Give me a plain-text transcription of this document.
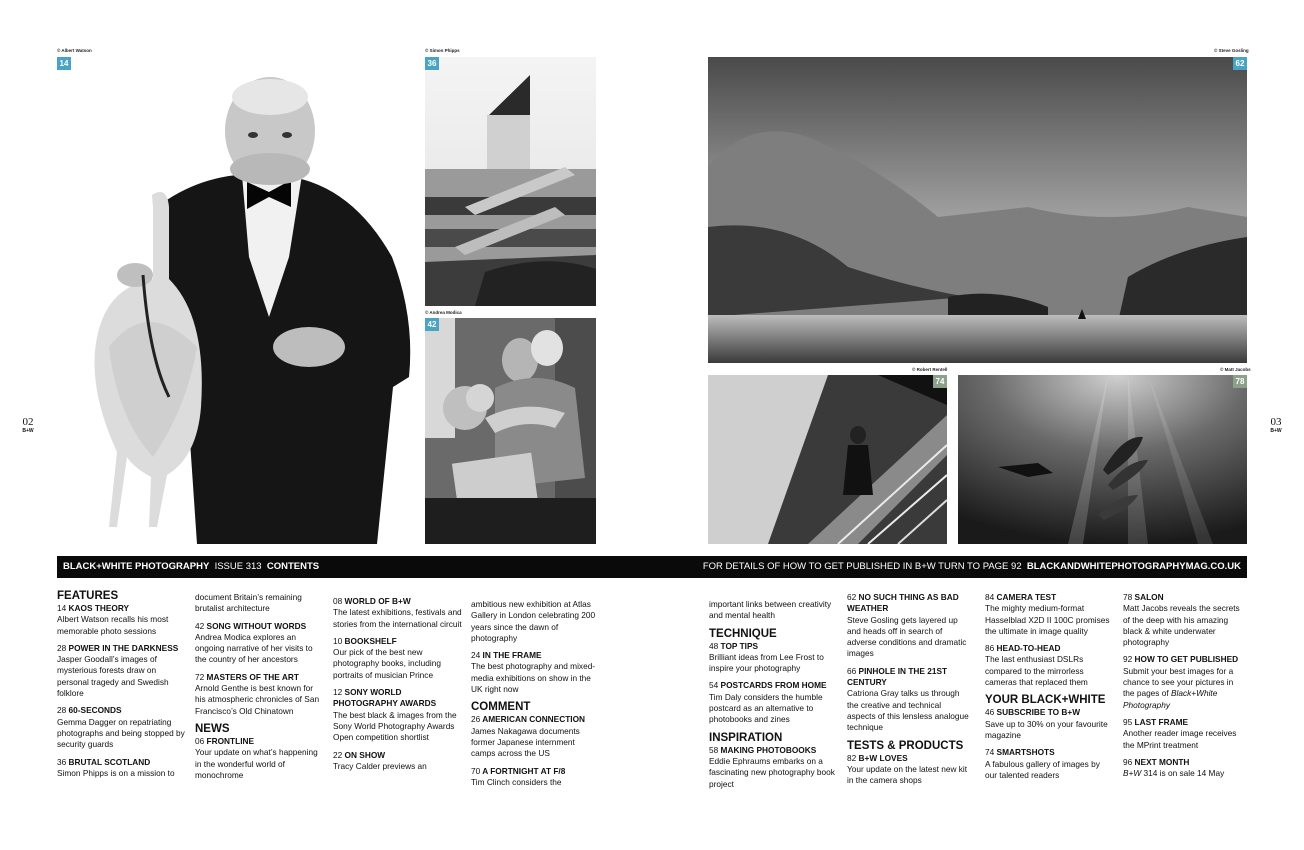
02
B+W
03
B+W
© Albert Watson
14
© Simon Phipps
36
© Andrea Modica
42
© Steve Gosling
62
© Robert Rentell
74
© Matt Jacobs
78
BLACK+WHITE PHOTOGRAPHY ISSUE 313 CONTENTS	FOR DETAILS OF HOW TO GET PUBLISHED IN B+W TURN TO PAGE 92 BLACKANDWHITEPHOTOGRAPHYMAG.CO.UK
FEATURES
14 KAOS THEORY
Albert Watson recalls his most memorable photo sessions
28 POWER IN THE DARKNESS
Jasper Goodall’s images of mysterious forests draw on personal tragedy and Swedish folklore
28 60-SECONDS
Gemma Dagger on repatriating photographs and being stopped by security guards
36 BRUTAL SCOTLAND
Simon Phipps is on a mission to
document Britain’s remaining brutalist architecture
42 SONG WITHOUT WORDS
Andrea Modica explores an ongoing narrative of her visits to the country of her ancestors
72 MASTERS OF THE ART
Arnold Genthe is best known for his atmospheric chronicles of San Francisco’s Old Chinatown
NEWS
06 FRONTLINE
Your update on what’s happening in the wonderful world of monochrome
08 WORLD OF B+W
The latest exhibitions, festivals and stories from the international circuit
10 BOOKSHELF
Our pick of the best new photography books, including portraits of musician Prince
12 SONY WORLD PHOTOGRAPHY AWARDS
The best black & images from the Sony World Photography Awards Open competition shortlist
22 ON SHOW
Tracy Calder previews an
ambitious new exhibition at Atlas Gallery in London celebrating 200 years since the dawn of photography
24 IN THE FRAME
The best photography and mixed-media exhibitions on show in the UK right now
COMMENT
26 AMERICAN CONNECTION
James Nakagawa documents former Japanese internment camps across the US
70 A FORTNIGHT AT F/8
Tim Clinch considers the
important links between creativity and mental health
TECHNIQUE
48 TOP TIPS
Brilliant ideas from Lee Frost to inspire your photography
54 POSTCARDS FROM HOME
Tim Daly considers the humble postcard as an alternative to photobooks and zines
INSPIRATION
58 MAKING PHOTOBOOKS
Eddie Ephraums embarks on a fascinating new photography book project
62 NO SUCH THING AS BAD WEATHER
Steve Gosling gets layered up and heads off in search of adverse conditions and dramatic images
66 PINHOLE IN THE 21ST CENTURY
Catriona Gray talks us through the creative and technical aspects of this lensless analogue technique
TESTS & PRODUCTS
82 B+W LOVES
Your update on the latest new kit in the camera shops
84 CAMERA TEST
The mighty medium-format Hasselblad X2D II 100C promises the ultimate in image quality
86 HEAD-TO-HEAD
The last enthusiast DSLRs compared to the mirrorless cameras that replaced them
YOUR BLACK+WHITE
46 SUBSCRIBE TO B+W
Save up to 30% on your favourite magazine
74 SMARTSHOTS
A fabulous gallery of images by our talented readers
78 SALON
Matt Jacobs reveals the secrets of the deep with his amazing black & white underwater photography
92 HOW TO GET PUBLISHED
Submit your best images for a chance to see your pictures in the pages of Black+White Photography
95 LAST FRAME
Another reader image receives the MPrint treatment
96 NEXT MONTH
B+W 314 is on sale 14 May
